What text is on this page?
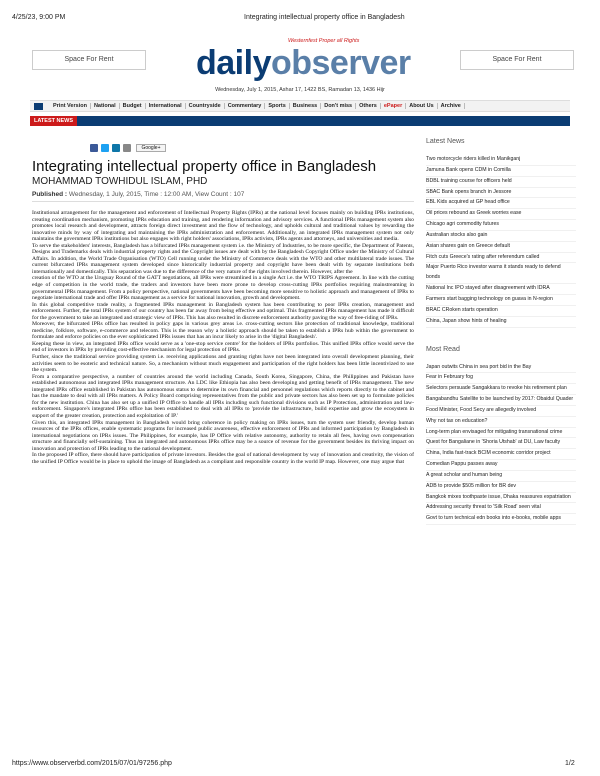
4/25/23, 9:00 PM	Integrating intellectual property office in Bangladesh
Space For Rent
Westernfest Proper all Rights
dailyobserver	Space For Rent
Wednesday, July 1, 2015, Ashar 17, 1422 BS, Ramadan 13, 1436 Hijr
Print Version National Budget International Countryside Commentary Sports Business Don't miss Others ePaper About Us Archive
LATEST NEWS
Google+
Integrating intellectual property office in Bangladesh
MOHAMMAD TOWHIDUL ISLAM, PHD
Published : Wednesday, 1 July, 2015, Time : 12:00 AM, View Count : 107

Institutional arrangement for the management and enforcement of Intellectual Property Rights (IPRs) at the national level focuses mainly on building IPRs institutions, creating coordination mechanism, promoting IPRs education and training, and rendering information and advisory services. A functional IPRs management system also promotes local research and development, attracts foreign direct investment and the flow of technology, and upholds cultural and traditional values by rewarding the innovative minds by way of integrating and maintaining the IPRs administration and enforcement. Additionally, an integrated IPRs management system not only maintains the government IPRs institutions but also engages with right holders' associations, IPRs activists, IPRs agents and attorneys, and universities and media.

To serve the stakeholders' interests, Bangladesh has a bifurcated IPRs management system i.e. the Ministry of Industries, to be more specific, the Department of Patents, Designs and Trademarks deals with industrial property rights and the Copyright issues are dealt with by the Bangladesh Copyright Office under the Ministry of Cultural Affairs. In addition, the World Trade Organisation (WTO) Cell running under the Ministry of Commerce deals with the WTO and other multilateral trade issues. The current bifurcated IPRs management system developed since historically industrial property and copyright have been dealt with by separate institutions both internationally and domestically. This separation was due to the difference of the very nature of the rights involved therein. However, after the

creation of the WTO at the Uruguay Round of the GATT negotiations, all IPRs were streamlined in a single Act i.e. the WTO TRIPS Agreement. In line with the cutting edge of competition in the world trade, the traders and investors have been more prone to develop cross-cutting IPRs portfolios requiring mainstreaming in governmental IPRs management. From a policy perspective, national governments have been becoming more sensitive to holistic approach and management of IPRs to negotiate international trade and offer IPRs management as a service for national innovation, growth and development.

In this global competitive trade reality, a fragmented IPRs management in Bangladesh system has been contributing to poor IPRs creation, management and enforcement. Further, the total IPRs system of our country has been far away from being effective and optimal. This fragmented IPRs management has made it difficult for the government to take an integrated and strategic view of IPRs. This has also resulted in discrete enforcement authority paving the way of free-riding of IPRs.

Moreover, the bifurcated IPRs office has resulted in policy gaps in various grey areas i.e. cross-cutting sectors like protection of traditional knowledge, traditional medicine, folklore, software, e-commerce and telecom. This is the reason why a holistic approach should be taken to establish a IPRs hub within the government to formulate and enforce policies on the ever sophisticated IPRs issues that has an incur likely to arise in the 'digital Bangladesh'.

Keeping these in view, an integrated IPRs office would serve as a 'one-stop service centre' for the holders of IPRs portfolios. This unified IPRs office would serve the end of investors in IPRs by providing cost-effective mechanism for legal protection of IPRs.

Further, since the traditional service providing system i.e. receiving applications and granting rights have not been integrated into overall development planning, their activities seem to be esoteric and technical nature. So, a mechanism without much engagement and participation of the right holders has been little incentivized to use the system.

From a comparative perspective, a number of countries around the world including Canada, South Korea, Singapore, China, the Philippines and Pakistan have established autonomous and integrated IPRs management structure. An LDC like Ethiopia has also been developing and getting benefit of IPRs management. The new integrated IPRs office established in Pakistan has autonomous status to determine its own financial and personnel regulations which reports directly to the cabinet and has the mandate to deal with all IPRs matters. A Policy Board comprising representatives from the public and private sectors has also been set up to formulate policies for the new institution. China has also set up a unified IP Office to handle all IPRs including such functional divisions such as IP Protection, administration and law-enforcement. Singapore's integrated IPRs office has been established to deal with all IPRs to 'provide the infrastructure, build expertise and grow the ecosystem in support of the greater creation, protection and exploitation of IP.'

Given this, an integrated IPRs management in Bangladesh would bring coherence in policy making on IPRs issues, turn the system user friendly, develop human resources of the IPRs offices, enable systematic programs for increased public awareness, effective enforcement of IPRs and informed participation by Bangladesh in international negotiations on IPRs issues. The Philippines, for example, has IP Office with relative autonomy, authority to retain all fees, having own compensation structure and financially self-sustaining. Thus an integrated and autonomous IPRs office may be a source of revenue for the government besides its thriving impact on innovation and protection of IPRs leading to the national development.

In the proposed IP office, there should have participation of private investors. Besides the goal of national development by way of innovation and creativity, the vision of the unified IP Office would be in place to uphold the image of Bangladesh as a compliant and responsible country in the world IP map. However, one may argue that

Latest News
Two motorcycle riders killed in Manikganj
Jamuna Bank opens CDM in Comilla
BDBL training course for officers held
SBAC Bank opens branch in Jessore
EBL Kids acquired at GP head office
Oil prices rebound as Greek worries ease
Chicago agri commodity futures
Australian stocks also gain
Asian shares gain on Greece default
Fitch cuts Greece's rating after referendum called
Major Puerto Rico investor warns it stands ready to defend bonds
National Inc IPO stayed after disagreement with IDRA
Farmers start bagging technology on guava in N-region
BRAC CRoken starts operation
China, Japan show hints of healing
Most Read
Japan outwits China in sea port bid in the Bay
Fear in February fog
Selectors persuade Sangakkara to revoke his retirement plan
Bangabandhu Satellite to be launched by 2017: Obaidul Quader
Food Minister, Food Secy are allegedly involved
Why not tax on education?
Long-term plan envisaged for mitigating transnational crime
Quest for Bangaliane in 'Shoria Utshab' at DU, Law faculty
China, India fast-track BCIM economic corridor project
Comedian Pappu passes away
A great scholar and human being
ADB to provide $505 million for BR dev
Bangkok mixes toothpaste issue, Dhaka reassures expatriation
Addressing security threat to 'Silk Road' seen vital
Govt to turn technical edn books into e-books, mobile apps
https://www.observerbd.com/2015/07/01/97256.php	1/2
